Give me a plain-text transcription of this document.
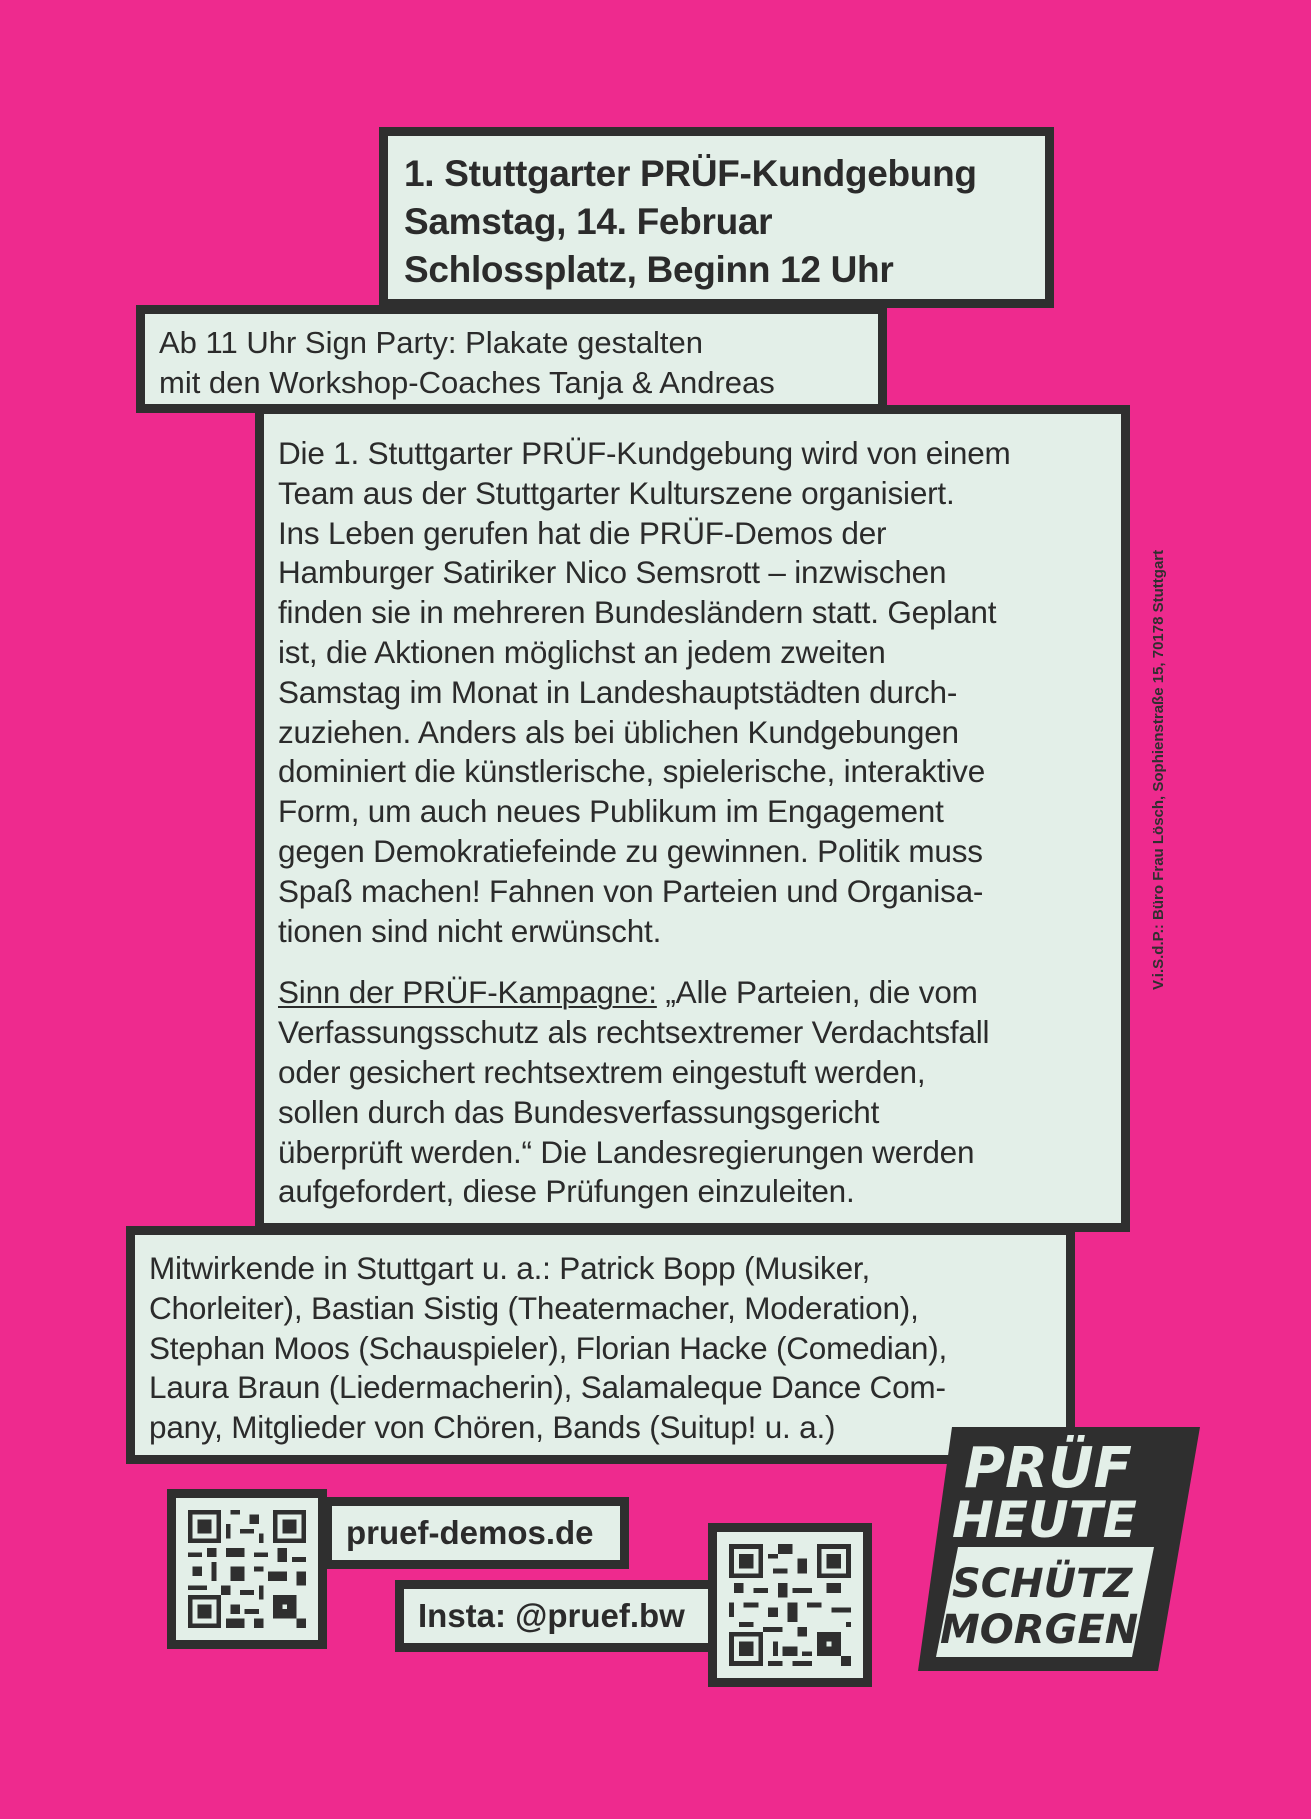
1. Stuttgarter PRÜF-Kundgebung
Samstag, 14. Februar
Schlossplatz, Beginn 12 Uhr
Ab 11 Uhr Sign Party: Plakate gestalten
mit den Workshop-Coaches Tanja & Andreas
Die 1. Stuttgarter PRÜF-Kundgebung wird von einem
Team aus der Stuttgarter Kulturszene organisiert.
Ins Leben gerufen hat die PRÜF-Demos der
Hamburger Satiriker Nico Semsrott – inzwischen
finden sie in mehreren Bundesländern statt. Geplant
ist, die Aktionen möglichst an jedem zweiten
Samstag im Monat in Landeshauptstädten durch-
zuziehen. Anders als bei üblichen Kundgebungen
dominiert die künstlerische, spielerische, interaktive
Form, um auch neues Publikum im Engagement
gegen Demokratiefeinde zu gewinnen. Politik muss
Spaß machen! Fahnen von Parteien und Organisa-
tionen sind nicht erwünscht.
Sinn der PRÜF-Kampagne: „Alle Parteien, die vom
Verfassungsschutz als rechtsextremer Verdachtsfall
oder gesichert rechtsextrem eingestuft werden,
sollen durch das Bundesverfassungsgericht
überprüft werden.“ Die Landesregierungen werden
aufgefordert, diese Prüfungen einzuleiten.
Mitwirkende in Stuttgart u. a.: Patrick Bopp (Musiker,
Chorleiter), Bastian Sistig (Theatermacher, Moderation),
Stephan Moos (Schauspieler), Florian Hacke (Comedian),
Laura Braun (Liedermacherin), Salamaleque Dance Com-
pany, Mitglieder von Chören, Bands (Suitup! u. a.)
V.i.S.d.P.: Büro Frau Lösch, Sophienstraße 15, 70178 Stuttgart
pruef-demos.de
Insta: @pruef.bw
PRÜF
HEUTE
SCHÜTZ
MORGEN
